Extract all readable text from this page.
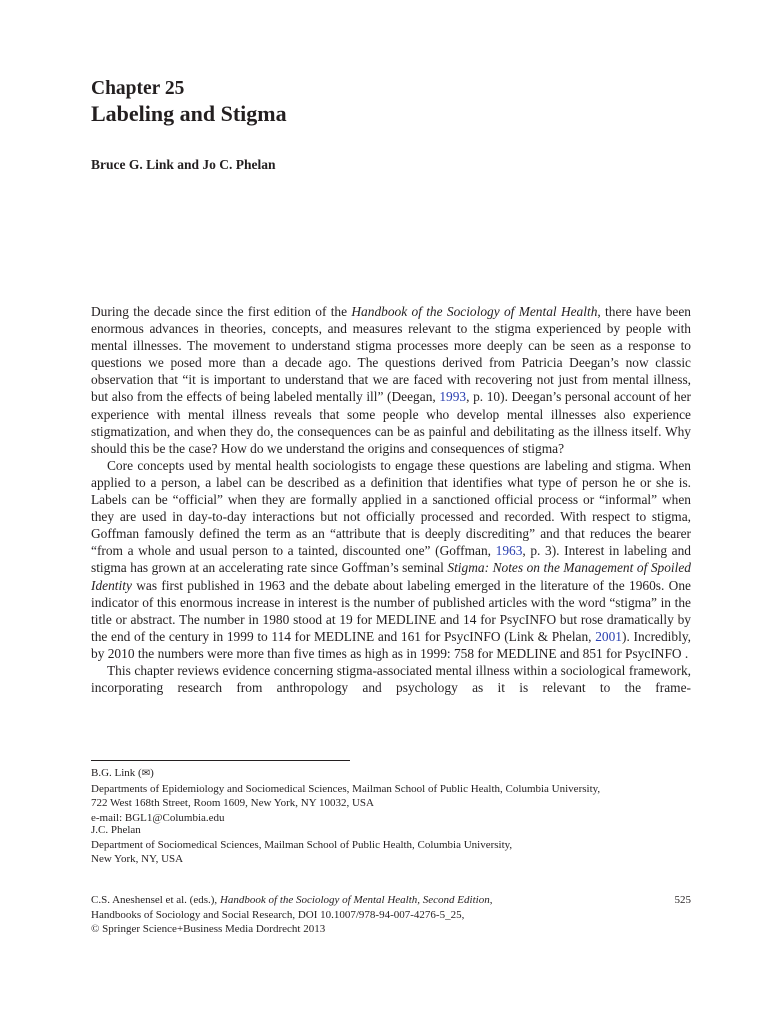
Chapter 25
Labeling and Stigma
Bruce G. Link and Jo C. Phelan

During the decade since the first edition of the Handbook of the Sociology of Mental Health, there have been enormous advances in theories, concepts, and measures relevant to the stigma experienced by people with mental illnesses. The movement to understand stigma processes more deeply can be seen as a response to questions we posed more than a decade ago. The questions derived from Patricia Deegan’s now classic observation that “it is important to understand that we are faced with recovering not just from mental illness, but also from the effects of being labeled mentally ill” (Deegan, 1993, p. 10). Deegan’s personal account of her experience with mental illness reveals that some people who develop mental illnesses also experience stigmatization, and when they do, the consequences can be as painful and debilitating as the illness itself. Why should this be the case? How do we understand the origins and consequences of stigma?

Core concepts used by mental health sociologists to engage these questions are labeling and stigma. When applied to a person, a label can be described as a definition that identifies what type of person he or she is. Labels can be “official” when they are formally applied in a sanctioned official process or “informal” when they are used in day-to-day interactions but not officially processed and recorded. With respect to stigma, Goffman famously defined the term as an “attribute that is deeply discrediting” and that reduces the bearer “from a whole and usual person to a tainted, discounted one” (Goffman, 1963, p. 3). Interest in labeling and stigma has grown at an accelerating rate since Goffman’s seminal Stigma: Notes on the Management of Spoiled Identity was first published in 1963 and the debate about labeling emerged in the literature of the 1960s. One indicator of this enormous increase in interest is the number of published articles with the word “stigma” in the title or abstract. The number in 1980 stood at 19 for MEDLINE and 14 for PsycINFO but rose dramatically by the end of the century in 1999 to 114 for MEDLINE and 161 for PsycINFO (Link & Phelan, 2001). Incredibly, by 2010 the numbers were more than five times as high as in 1999: 758 for MEDLINE and 851 for PsycINFO .

This chapter reviews evidence concerning stigma-associated mental illness within a sociological framework, incorporating research from anthropology and psychology as it is relevant to the frame-

B.G. Link (✉)
Departments of Epidemiology and Sociomedical Sciences, Mailman School of Public Health, Columbia University,
722 West 168th Street, Room 1609, New York, NY 10032, USA
e-mail: BGL1@Columbia.edu
J.C. Phelan
Department of Sociomedical Sciences, Mailman School of Public Health, Columbia University,
New York, NY, USA
C.S. Aneshensel et al. (eds.), Handbook of the Sociology of Mental Health, Second Edition,
Handbooks of Sociology and Social Research, DOI 10.1007/978-94-007-4276-5_25,
© Springer Science+Business Media Dordrecht 2013
525
